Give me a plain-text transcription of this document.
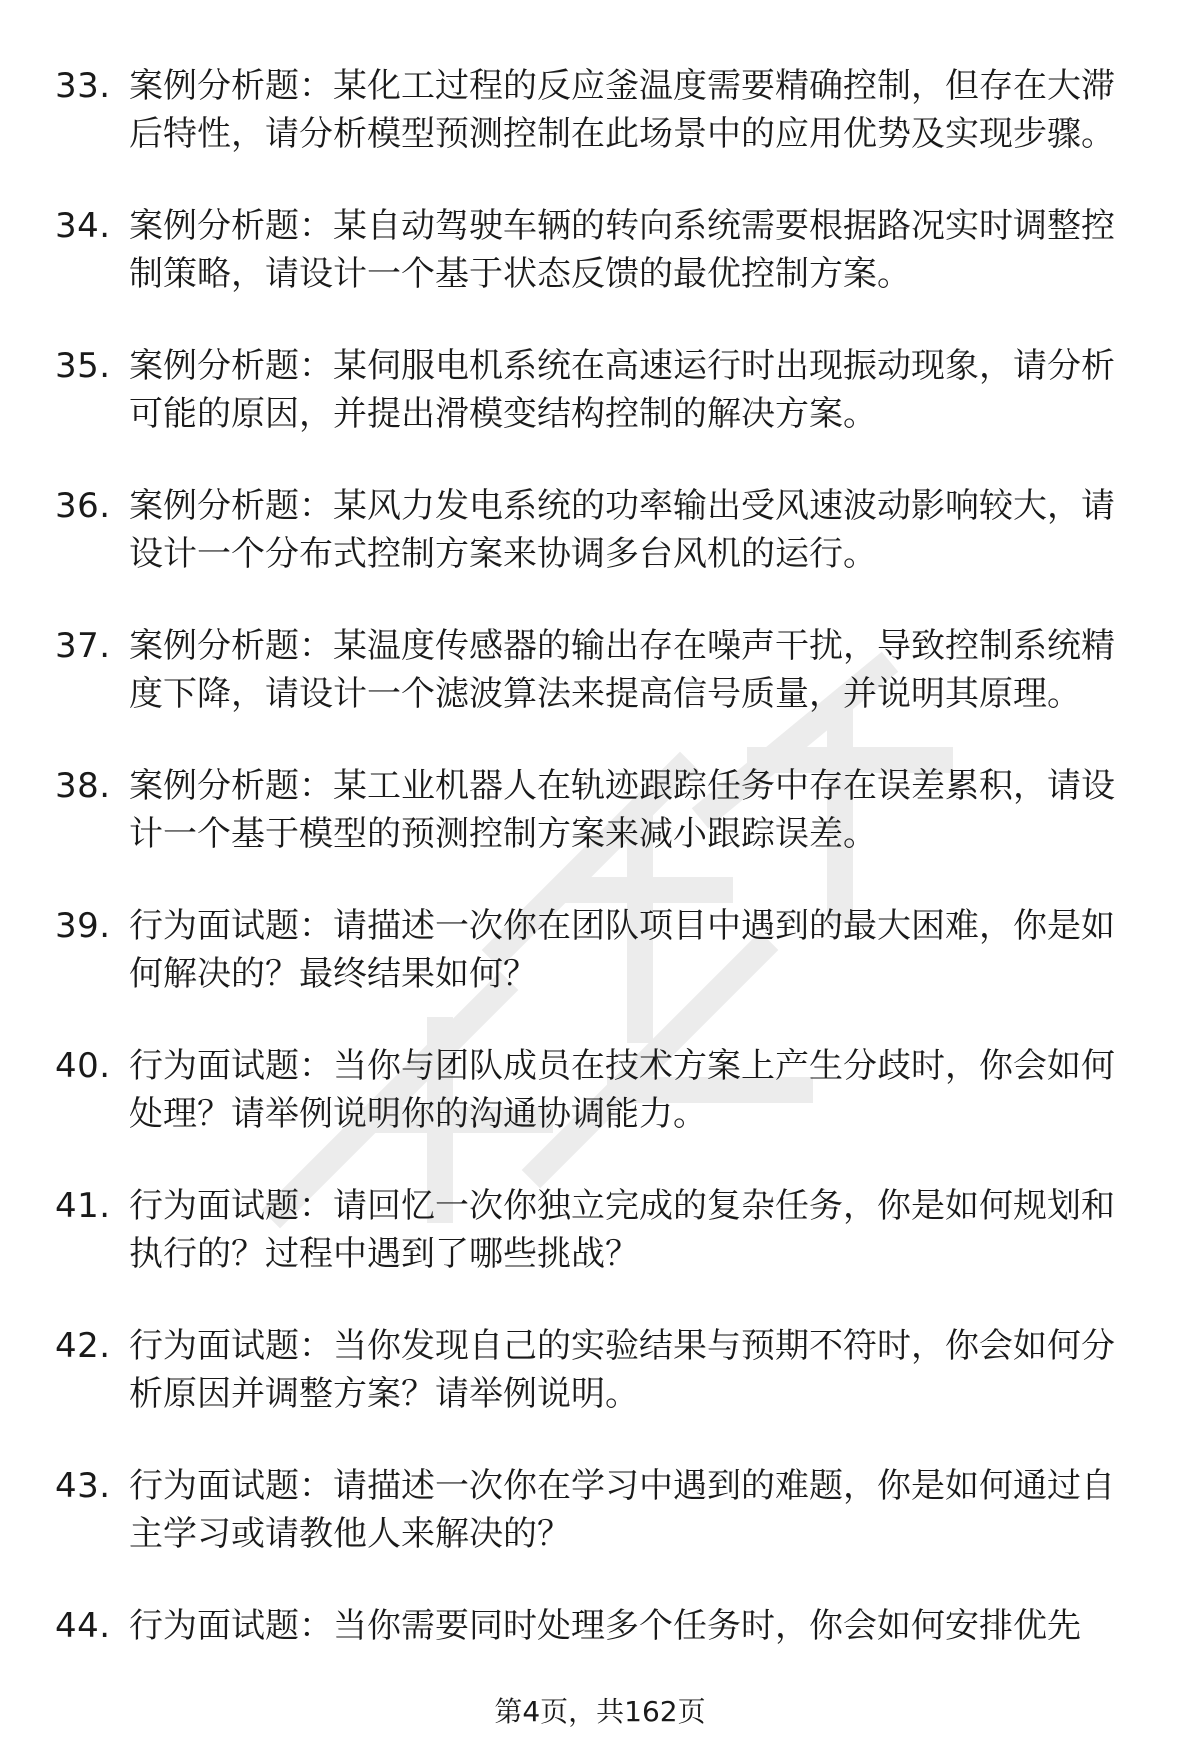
33. 案例分析题：某化工过程的反应釜温度需要精确控制，但存在大滞后特性，请分析模型预测控制在此场景中的应用优势及实现步骤。
34. 案例分析题：某自动驾驶车辆的转向系统需要根据路况实时调整控制策略，请设计一个基于状态反馈的最优控制方案。
35. 案例分析题：某伺服电机系统在高速运行时出现振动现象，请分析可能的原因，并提出滑模变结构控制的解决方案。
36. 案例分析题：某风力发电系统的功率输出受风速波动影响较大，请设计一个分布式控制方案来协调多台风机的运行。
37. 案例分析题：某温度传感器的输出存在噪声干扰，导致控制系统精度下降，请设计一个滤波算法来提高信号质量，并说明其原理。
38. 案例分析题：某工业机器人在轨迹跟踪任务中存在误差累积，请设计一个基于模型的预测控制方案来减小跟踪误差。
39. 行为面试题：请描述一次你在团队项目中遇到的最大困难，你是如何解决的？最终结果如何？
40. 行为面试题：当你与团队成员在技术方案上产生分歧时，你会如何处理？请举例说明你的沟通协调能力。
41. 行为面试题：请回忆一次你独立完成的复杂任务，你是如何规划和执行的？过程中遇到了哪些挑战？
42. 行为面试题：当你发现自己的实验结果与预期不符时，你会如何分析原因并调整方案？请举例说明。
43. 行为面试题：请描述一次你在学习中遇到的难题，你是如何通过自主学习或请教他人来解决的？
44. 行为面试题：当你需要同时处理多个任务时，你会如何安排优先
第4页，共162页
